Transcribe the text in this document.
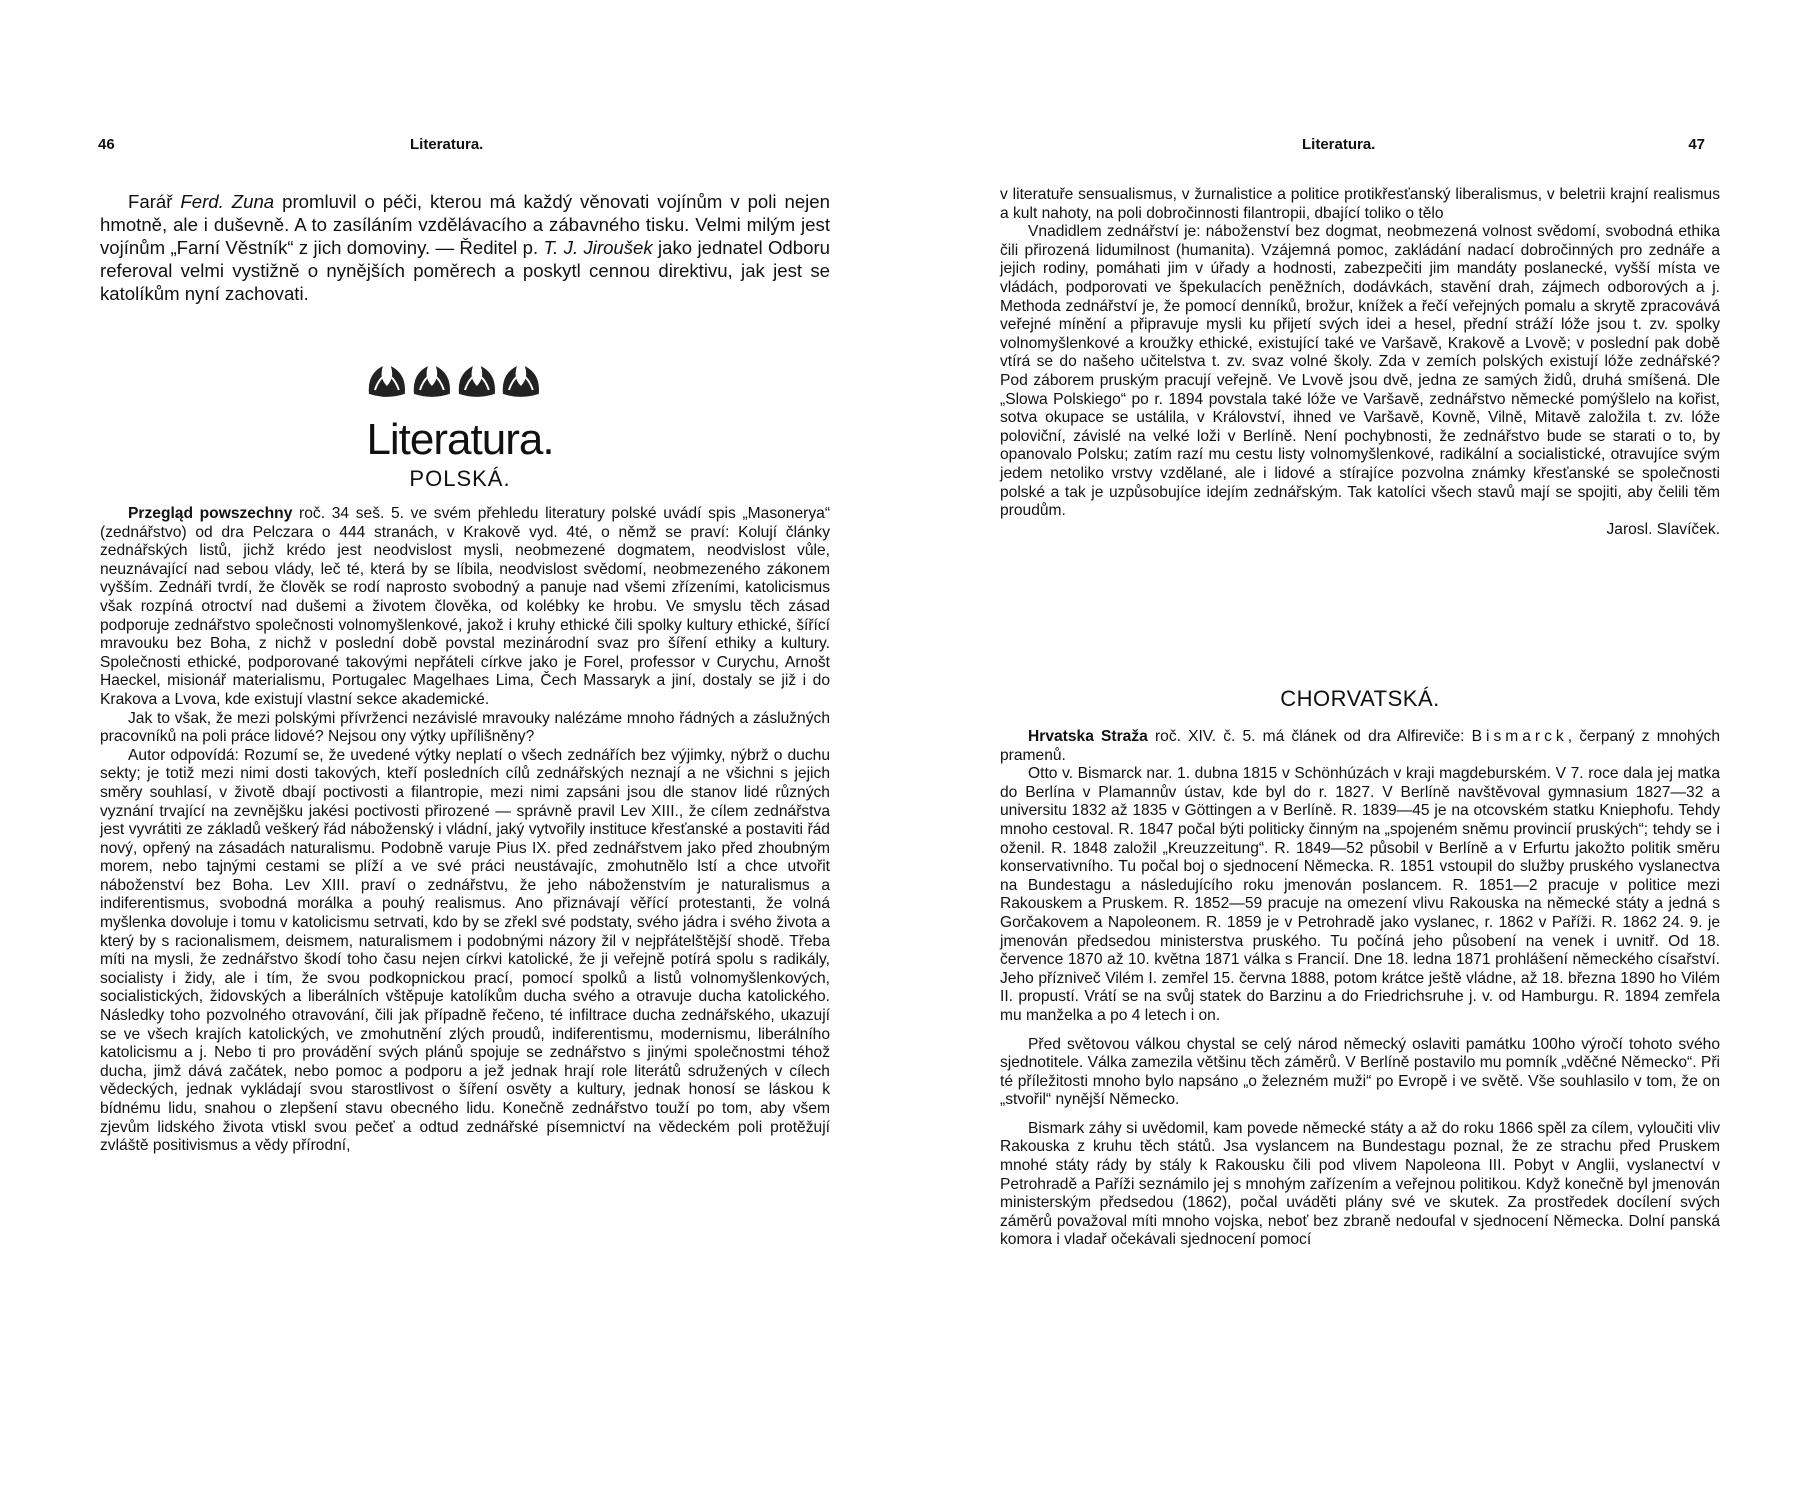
46	Literatura.

Farář Ferd. Zuna promluvil o péči, kterou má každý věnovati vojínům v poli nejen hmotně, ale i duševně. A to zasíláním vzdělávacího a zábavného tisku. Velmi milým jest vojínům „Farní Věstník“ z jich domoviny. — Ředitel p. T. J. Jiroušek jako jednatel Odboru referoval velmi vystižně o nynějších poměrech a poskytl cennou direktivu, jak jest se katolíkům nyní zachovati.

Literatura.
POLSKÁ.

Przegląd powszechny roč. 34 seš. 5. ve svém přehledu literatury polské uvádí spis „Masonerya“ (zednářstvo) od dra Pelczara o 444 stranách, v Krakově vyd. 4té, o němž se praví: Kolují články zednářských listů, jichž krédo jest neodvislost mysli, neobmezené dogmatem, neodvislost vůle, neuznávající nad sebou vlády, leč té, která by se líbila, neodvislost svědomí, neobmezeného zákonem vyšším. Zednáři tvrdí, že člověk se rodí naprosto svobodný a panuje nad všemi zřízeními, katolicismus však rozpíná otroctví nad dušemi a životem člověka, od kolébky ke hrobu. Ve smyslu těch zásad podporuje zednářstvo společnosti volnomyšlenkové, jakož i kruhy ethické čili spolky kultury ethické, šířící mravouku bez Boha, z nichž v poslední době povstal mezinárodní svaz pro šíření ethiky a kultury. Společnosti ethické, podporované takovými nepřáteli církve jako je Forel, professor v Curychu, Arnošt Haeckel, misionář materialismu, Portugalec Magelhaes Lima, Čech Massaryk a jiní, dostaly se již i do Krakova a Lvova, kde existují vlastní sekce akademické.

Jak to však, že mezi polskými přívrženci nezávislé mravouky nalézáme mnoho řádných a záslužných pracovníků na poli práce lidové? Nejsou ony výtky upřílišněny?

Autor odpovídá: Rozumí se, že uvedené výtky neplatí o všech zednářích bez výjimky, nýbrž o duchu sekty; je totiž mezi nimi dosti takových, kteří posledních cílů zednářských neznají a ne všichni s jejich směry souhlasí, v životě dbají poctivosti a filantropie, mezi nimi zapsáni jsou dle stanov lidé různých vyznání trvající na zevnějšku jakési poctivosti přirozené — správně pravil Lev XIII., že cílem zednářstva jest vyvrátiti ze základů veškerý řád náboženský i vládní, jaký vytvořily instituce křesťanské a postaviti řád nový, opřený na zásadách naturalismu. Podobně varuje Pius IX. před zednářstvem jako před zhoubným morem, nebo tajnými cestami se plíží a ve své práci neustávajíc, zmohutnělo lstí a chce utvořit náboženství bez Boha. Lev XIII. praví o zednářstvu, že jeho náboženstvím je naturalismus a indiferentismus, svobodná morálka a pouhý realismus. Ano přiznávají věřící protestanti, že volná myšlenka dovoluje i tomu v katolicismu setrvati, kdo by se zřekl své podstaty, svého jádra i svého života a který by s racionalismem, deismem, naturalismem i podobnými názory žil v nejpřátelštější shodě. Třeba míti na mysli, že zednářstvo škodí toho času nejen církvi katolické, že ji veřejně potírá spolu s radikály, socialisty i židy, ale i tím, že svou podkopnickou prací, pomocí spolků a listů volnomyšlenkových, socialistických, židovských a liberálních vštěpuje katolíkům ducha svého a otravuje ducha katolického. Následky toho pozvolného otravování, čili jak případně řečeno, té infiltrace ducha zednářského, ukazují se ve všech krajích katolických, ve zmohutnění zlých proudů, indiferentismu, modernismu, liberálního katolicismu a j. Nebo ti pro provádění svých plánů spojuje se zednářstvo s jinými společnostmi téhož ducha, jimž dává začátek, nebo pomoc a podporu a jež jednak hrají role literátů sdružených v cílech vědeckých, jednak vykládají svou starostlivost o šíření osvěty a kultury, jednak honosí se láskou k bídnému lidu, snahou o zlepšení stavu obecného lidu. Konečně zednářstvo touží po tom, aby všem zjevům lidského života vtiskl svou pečeť a odtud zednářské písemnictví na vědeckém poli protěžují zvláště positivismus a vědy přírodní,

Literatura.	47

v literatuře sensualismus, v žurnalistice a politice protikřesťanský liberalismus, v beletrii krajní realismus a kult nahoty, na poli dobročinnosti filantropii, dbající toliko o tělo

Vnadidlem zednářství je: náboženství bez dogmat, neobmezená volnost svědomí, svobodná ethika čili přirozená lidumilnost (humanita). Vzájemná pomoc, zakládání nadací dobročinných pro zednáře a jejich rodiny, pomáhati jim v úřady a hodnosti, zabezpečiti jim mandáty poslanecké, vyšší místa ve vládách, podporovati ve špekulacích peněžních, dodávkách, stavění drah, zájmech odborových a j. Methoda zednářství je, že pomocí denníků, brožur, knížek a řečí veřejných pomalu a skrytě zpracovává veřejné mínění a připravuje mysli ku přijetí svých idei a hesel, přední stráží lóže jsou t. zv. spolky volnomyšlenkové a kroužky ethické, existující také ve Varšavě, Krakově a Lvově; v poslední pak době vtírá se do našeho učitelstva t. zv. svaz volné školy. Zda v zemích polských existují lóže zednářské? Pod záborem pruským pracují veřejně. Ve Lvově jsou dvě, jedna ze samých židů, druhá smíšená. Dle „Slowa Polskiego“ po r. 1894 povstala také lóže ve Varšavě, zednářstvo německé pomýšlelo na kořist, sotva okupace se ustálila, v Království, ihned ve Varšavě, Kovně, Vilně, Mitavě založila t. zv. lóže poloviční, závislé na velké loži v Berlíně. Není pochybnosti, že zednářstvo bude se starati o to, by opanovalo Polsku; zatím razí mu cestu listy volnomyšlenkové, radikální a socialistické, otravujíce svým jedem netoliko vrstvy vzdělané, ale i lidové a stírajíce pozvolna známky křesťanské se společnosti polské a tak je uzpůsobujíce idejím zednářským. Tak katolíci všech stavů mají se spojiti, aby čelili těm proudům.

Jarosl. Slavíček.
CHORVATSKÁ.

Hrvatska Straža roč. XIV. č. 5. má článek od dra Alfireviče: Bismarck, čerpaný z mnohých pramenů.

Otto v. Bismarck nar. 1. dubna 1815 v Schönhúzách v kraji magdeburském. V 7. roce dala jej matka do Berlína v Plamannův ústav, kde byl do r. 1827. V Berlíně navštěvoval gymnasium 1827—32 a universitu 1832 až 1835 v Göttingen a v Berlíně. R. 1839—45 je na otcovském statku Kniephofu. Tehdy mnoho cestoval. R. 1847 počal býti politicky činným na „spojeném sněmu provincií pruských“; tehdy se i oženil. R. 1848 založil „Kreuzzeitung“. R. 1849—52 působil v Berlíně a v Erfurtu jakožto politik směru konservativního. Tu počal boj o sjednocení Německa. R. 1851 vstoupil do služby pruského vyslanectva na Bundestagu a následujícího roku jmenován poslancem. R. 1851—2 pracuje v politice mezi Rakouskem a Pruskem. R. 1852—59 pracuje na omezení vlivu Rakouska na německé státy a jedná s Gorčakovem a Napoleonem. R. 1859 je v Petrohradě jako vyslanec, r. 1862 v Paříži. R. 1862 24. 9. je jmenován předsedou ministerstva pruského. Tu počíná jeho působení na venek i uvnitř. Od 18. července 1870 až 10. května 1871 válka s Francií. Dne 18. ledna 1871 prohlášení německého císařství. Jeho přízniveč Vilém I. zemřel 15. června 1888, potom krátce ještě vládne, až 18. března 1890 ho Vilém II. propustí. Vrátí se na svůj statek do Barzinu a do Friedrichsruhe j. v. od Hamburgu. R. 1894 zemřela mu manželka a po 4 letech i on.

Před světovou válkou chystal se celý národ německý oslaviti památku 100ho výročí tohoto svého sjednotitele. Válka zamezila většinu těch záměrů. V Berlíně postavilo mu pomník „vděčné Německo“. Při té příležitosti mnoho bylo napsáno „o železném muži“ po Evropě i ve světě. Vše souhlasilo v tom, že on „stvořil“ nynější Německo.

Bismark záhy si uvědomil, kam povede německé státy a až do roku 1866 spěl za cílem, vyloučiti vliv Rakouska z kruhu těch států. Jsa vyslancem na Bundestagu poznal, že ze strachu před Pruskem mnohé státy rády by stály k Rakousku čili pod vlivem Napoleona III. Pobyt v Anglii, vyslanectví v Petrohradě a Paříži seznámilo jej s mnohým zařízením a veřejnou politikou. Když konečně byl jmenován ministerským předsedou (1862), počal uváděti plány své ve skutek. Za prostředek docílení svých záměrů považoval míti mnoho vojska, neboť bez zbraně nedoufal v sjednocení Německa. Dolní panská komora i vladař očekávali sjednocení pomocí
